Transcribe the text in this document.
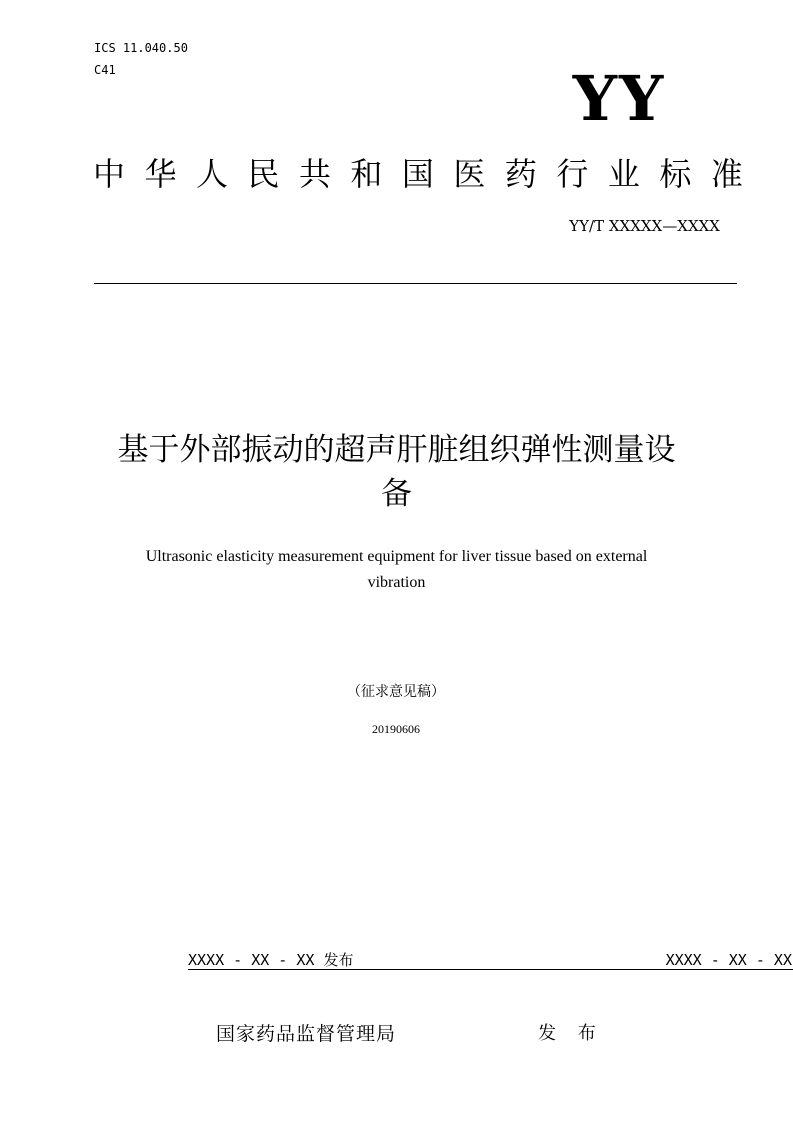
ICS 11.040.50
C41	YY
中 华 人 民 共 和 国 医 药 行 业 标 准
YY/T XXXXX—XXXX
基于外部振动的超声肝脏组织弹性测量设
备
Ultrasonic elasticity measurement equipment for liver tissue based on external
vibration
（征求意见稿）
20190606
XXXX - XX - XX 发布	XXXX - XX - XX
国家药品监督管理局	发 布
